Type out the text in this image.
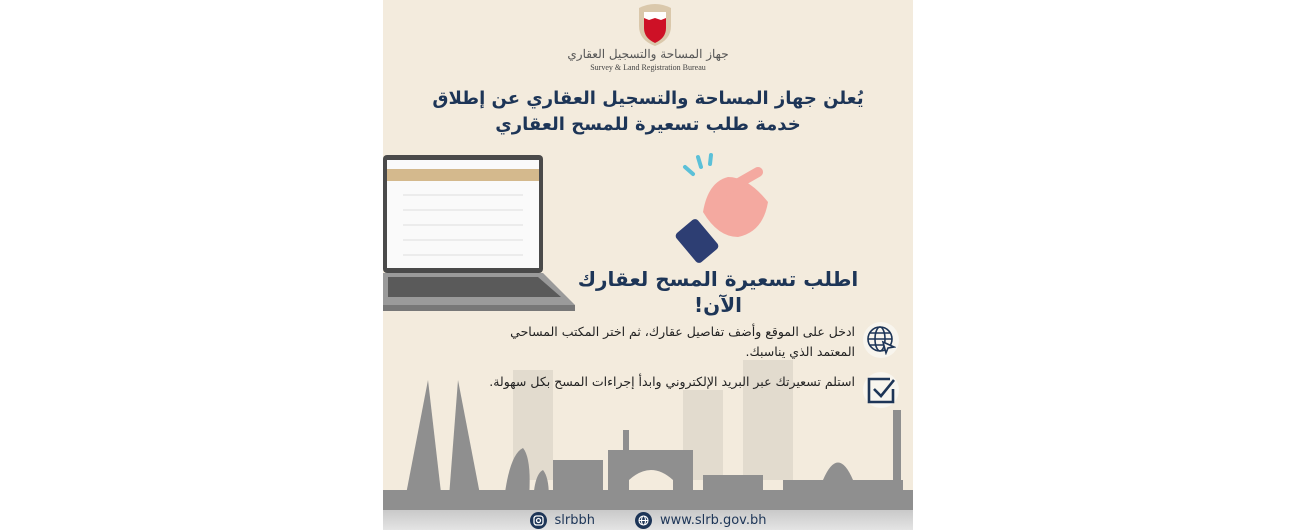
جهاز المساحة والتسجيل العقاري
Survey & Land Registration Bureau
يُعلن جهاز المساحة والتسجيل العقاري عن إطلاق
خدمة طلب تسعيرة للمسح العقاري
اطلب تسعيرة المسح لعقارك الآن!
ادخل على الموقع وأضف تفاصيل عقارك، ثم اختر المكتب المساحي المعتمد الذي يناسبك.
استلم تسعيرتك عبر البريد الإلكتروني وابدأ إجراءات المسح بكل سهولة.
slrbbh	www.slrb.gov.bh
